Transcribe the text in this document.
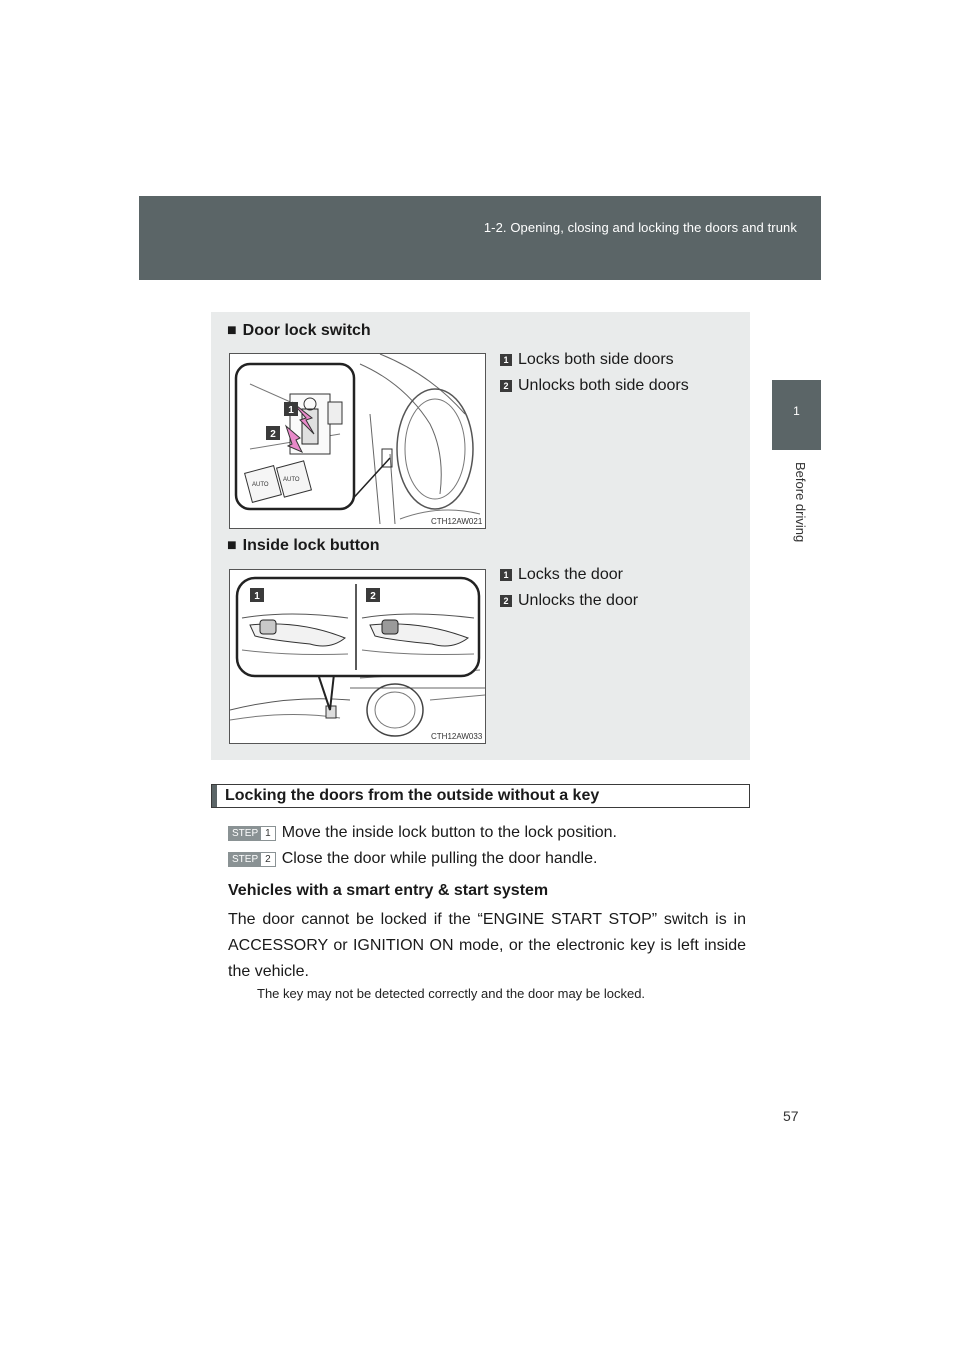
1-2. Opening, closing and locking the doors and trunk
1
Before driving
■ Door lock switch
AUTO
AUTO
1
2
CTH12AW021
1 Locks both side doors
2 Unlocks both side doors
■ Inside lock button
1	2
CTH12AW033
1 Locks the door
2 Unlocks the door
Locking the doors from the outside without a key
STEP 1 Move the inside lock button to the lock position.
STEP 2 Close the door while pulling the door handle.
Vehicles with a smart entry & start system
The door cannot be locked if the “ENGINE START STOP” switch is in ACCESSORY or IGNITION ON mode, or the electronic key is left inside the vehicle.
The key may not be detected correctly and the door may be locked.
57
